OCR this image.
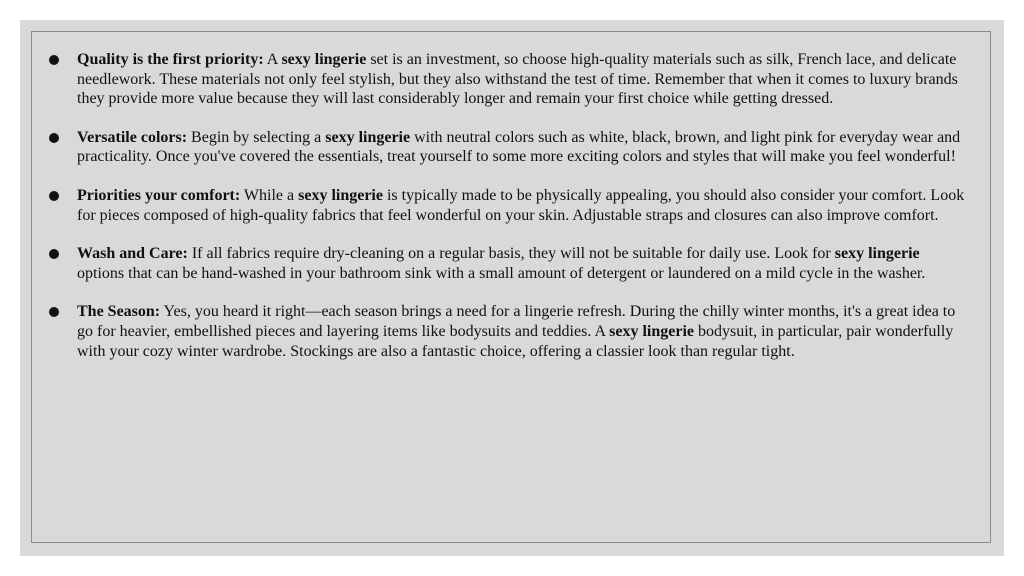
Quality is the first priority: A sexy lingerie set is an investment, so choose high-quality materials such as silk, French lace, and delicate needlework. These materials not only feel stylish, but they also withstand the test of time. Remember that when it comes to luxury brands they provide more value because they will last considerably longer and remain your first choice while getting dressed.
Versatile colors: Begin by selecting a sexy lingerie with neutral colors such as white, black, brown, and light pink for everyday wear and practicality. Once you've covered the essentials, treat yourself to some more exciting colors and styles that will make you feel wonderful!
Priorities your comfort: While a sexy lingerie is typically made to be physically appealing, you should also consider your comfort. Look for pieces composed of high-quality fabrics that feel wonderful on your skin. Adjustable straps and closures can also improve comfort.
Wash and Care: If all fabrics require dry-cleaning on a regular basis, they will not be suitable for daily use. Look for sexy lingerie options that can be hand-washed in your bathroom sink with a small amount of detergent or laundered on a mild cycle in the washer.
The Season: Yes, you heard it right—each season brings a need for a lingerie refresh. During the chilly winter months, it's a great idea to go for heavier, embellished pieces and layering items like bodysuits and teddies. A sexy lingerie bodysuit, in particular, pair wonderfully with your cozy winter wardrobe. Stockings are also a fantastic choice, offering a classier look than regular tight.
